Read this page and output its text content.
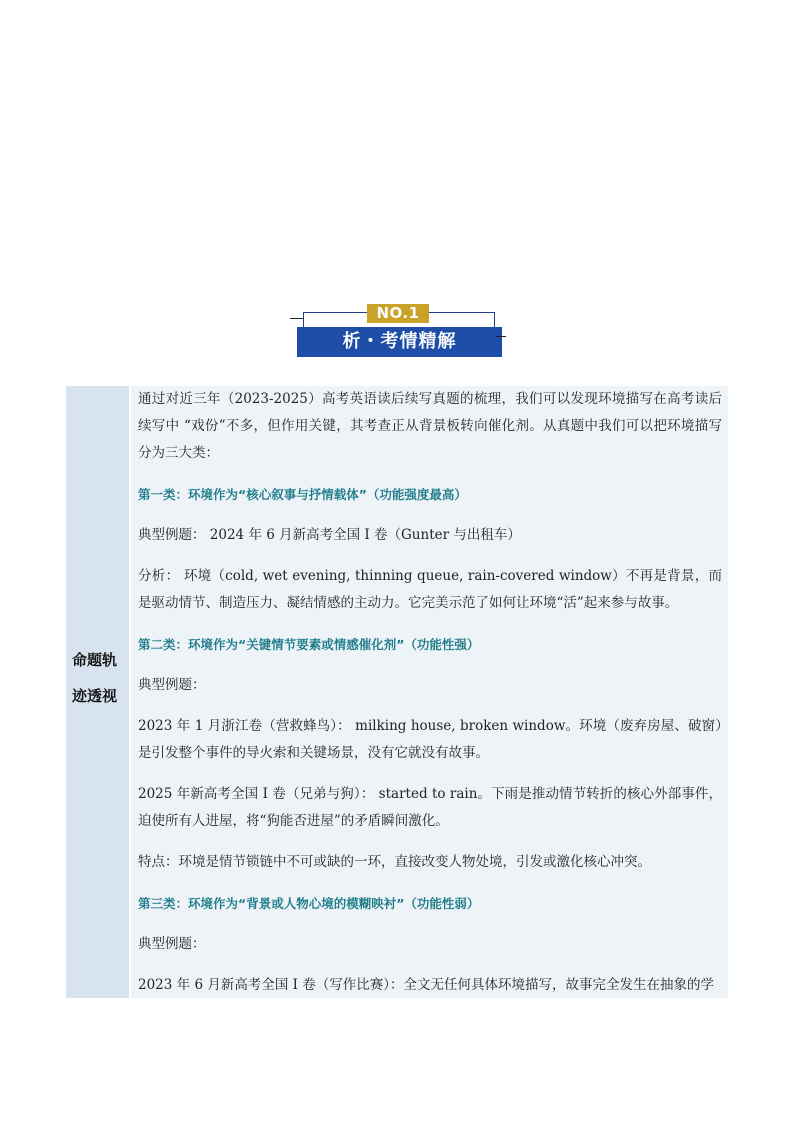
NO.1
析・考情精解
命题轨迹透视

通过对近三年（2023-2025）高考英语读后续写真题的梳理，我们可以发现环境描写在高考读后续写中 “戏份”不多，但作用关键，其考查正从背景板转向催化剂。从真题中我们可以把环境描写分为三大类：

第一类：环境作为“核心叙事与抒情载体”（功能强度最高）

典型例题： 2024 年 6 月新高考全国 I 卷（Gunter 与出租车）

分析： 环境（cold, wet evening, thinning queue, rain-covered window）不再是背景，而是驱动情节、制造压力、凝结情感的主动力。它完美示范了如何让环境“活”起来参与故事。

第二类：环境作为“关键情节要素或情感催化剂”（功能性强）

典型例题：

2023 年 1 月浙江卷（营救蜂鸟）： milking house, broken window。环境（废弃房屋、破窗）是引发整个事件的导火索和关键场景，没有它就没有故事。

2025 年新高考全国 I 卷（兄弟与狗）： started to rain。下雨是推动情节转折的核心外部事件，迫使所有人进屋，将“狗能否进屋”的矛盾瞬间激化。

特点：环境是情节锁链中不可或缺的一环，直接改变人物处境，引发或激化核心冲突。

第三类：环境作为“背景或人物心境的模糊映衬”（功能性弱）

典型例题：

2023 年 6 月新高考全国 I 卷（写作比赛）：全文无任何具体环境描写，故事完全发生在抽象的学
